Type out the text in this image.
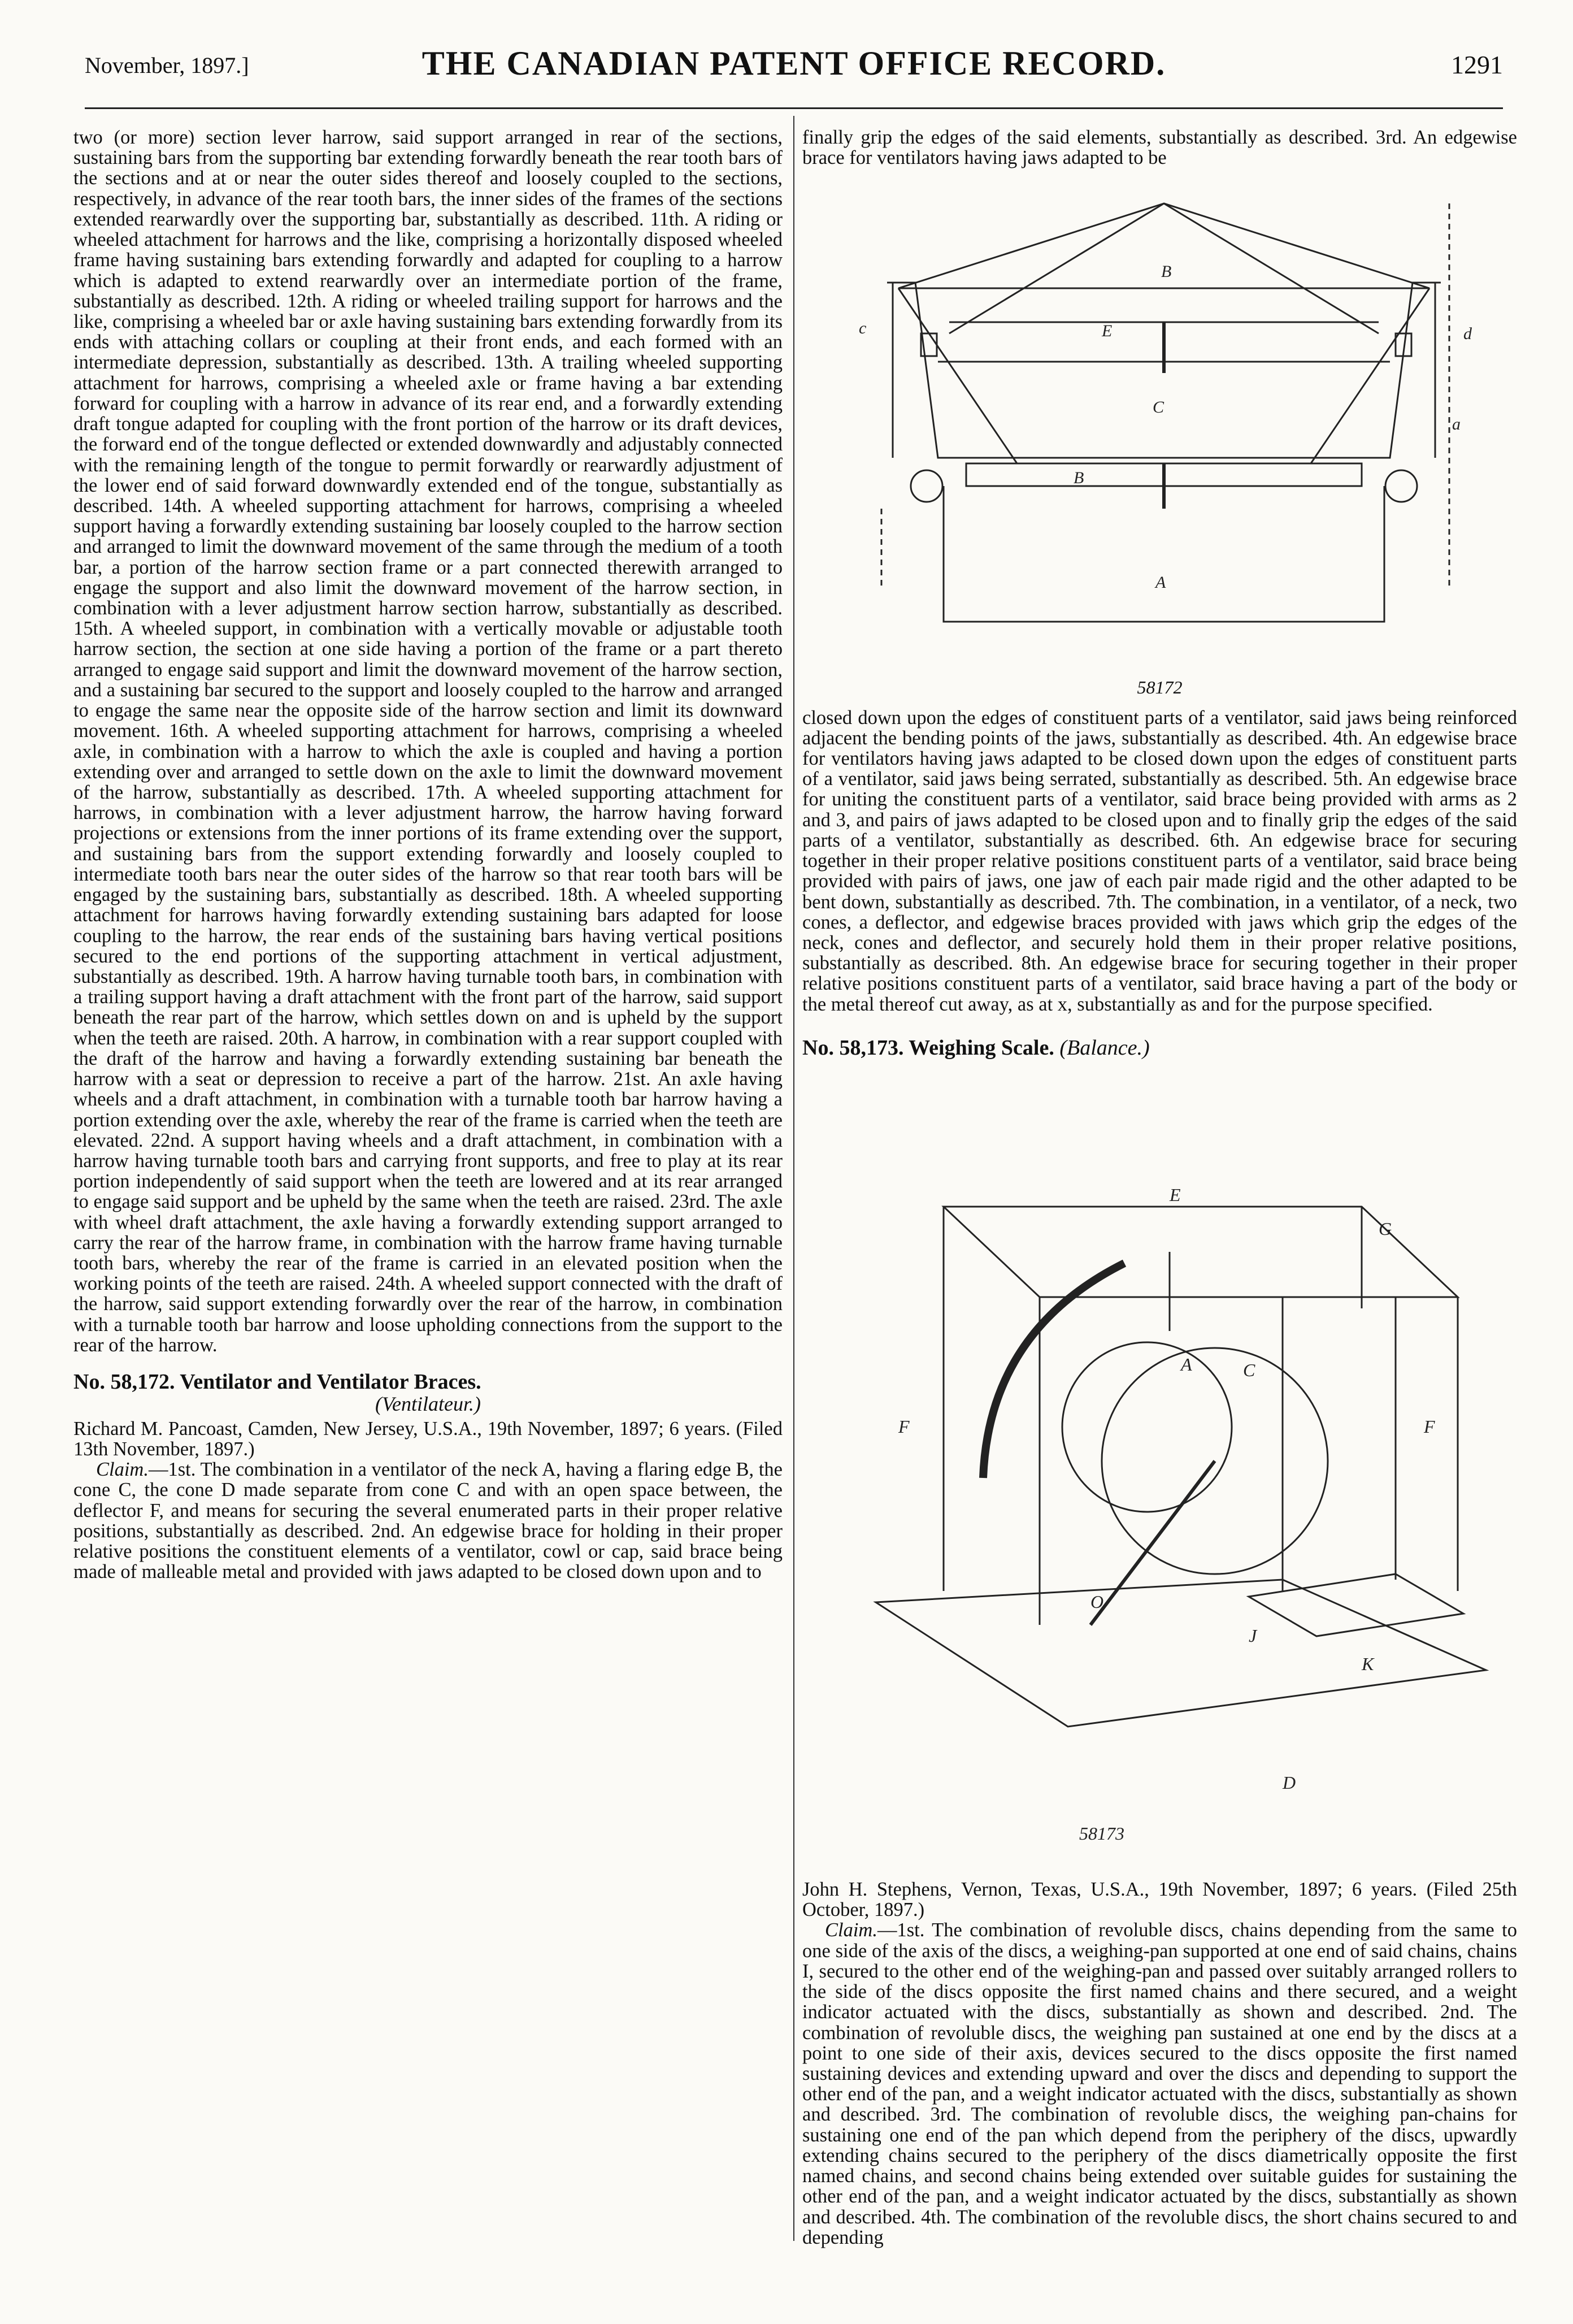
November, 1897.]	THE CANADIAN PATENT OFFICE RECORD.	1291

two (or more) section lever harrow, said support arranged in rear of the sections, sustaining bars from the supporting bar extending forwardly beneath the rear tooth bars of the sections and at or near the outer sides thereof and loosely coupled to the sections, respectively, in advance of the rear tooth bars, the inner sides of the frames of the sections extended rearwardly over the supporting bar, substantially as described. 11th. A riding or wheeled attachment for harrows and the like, comprising a horizontally disposed wheeled frame having sustaining bars extending forwardly and adapted for coupling to a harrow which is adapted to extend rearwardly over an intermediate portion of the frame, substantially as described. 12th. A riding or wheeled trailing support for harrows and the like, comprising a wheeled bar or axle having sustaining bars extending forwardly from its ends with attaching collars or coupling at their front ends, and each formed with an intermediate depression, substantially as described. 13th. A trailing wheeled supporting attachment for harrows, comprising a wheeled axle or frame having a bar extending forward for coupling with a harrow in advance of its rear end, and a forwardly extending draft tongue adapted for coupling with the front portion of the harrow or its draft devices, the forward end of the tongue deflected or extended downwardly and adjustably connected with the remaining length of the tongue to permit forwardly or rearwardly adjustment of the lower end of said forward downwardly extended end of the tongue, substantially as described. 14th. A wheeled supporting attachment for harrows, comprising a wheeled support having a forwardly extending sustaining bar loosely coupled to the harrow section and arranged to limit the downward movement of the same through the medium of a tooth bar, a portion of the harrow section frame or a part connected therewith arranged to engage the support and also limit the downward movement of the harrow section, in combination with a lever adjustment harrow section harrow, substantially as described. 15th. A wheeled support, in combination with a vertically movable or adjustable tooth harrow section, the section at one side having a portion of the frame or a part thereto arranged to engage said support and limit the downward movement of the harrow section, and a sustaining bar secured to the support and loosely coupled to the harrow and arranged to engage the same near the opposite side of the harrow section and limit its downward movement. 16th. A wheeled supporting attachment for harrows, comprising a wheeled axle, in combination with a harrow to which the axle is coupled and having a portion extending over and arranged to settle down on the axle to limit the downward movement of the harrow, substantially as described. 17th. A wheeled supporting attachment for harrows, in combination with a lever adjustment harrow, the harrow having forward projections or extensions from the inner portions of its frame extending over the support, and sustaining bars from the support extending forwardly and loosely coupled to intermediate tooth bars near the outer sides of the harrow so that rear tooth bars will be engaged by the sustaining bars, substantially as described. 18th. A wheeled supporting attachment for harrows having forwardly extending sustaining bars adapted for loose coupling to the harrow, the rear ends of the sustaining bars having vertical positions secured to the end portions of the supporting attachment in vertical adjustment, substantially as described. 19th. A harrow having turnable tooth bars, in combination with a trailing support having a draft attachment with the front part of the harrow, said support beneath the rear part of the harrow, which settles down on and is upheld by the support when the teeth are raised. 20th. A harrow, in combination with a rear support coupled with the draft of the harrow and having a forwardly extending sustaining bar beneath the harrow with a seat or depression to receive a part of the harrow. 21st. An axle having wheels and a draft attachment, in combination with a turnable tooth bar harrow having a portion extending over the axle, whereby the rear of the frame is carried when the teeth are elevated. 22nd. A support having wheels and a draft attachment, in combination with a harrow having turnable tooth bars and carrying front supports, and free to play at its rear portion independently of said support when the teeth are lowered and at its rear arranged to engage said support and be upheld by the same when the teeth are raised. 23rd. The axle with wheel draft attachment, the axle having a forwardly extending support arranged to carry the rear of the harrow frame, in combination with the harrow frame having turnable tooth bars, whereby the rear of the frame is carried in an elevated position when the working points of the teeth are raised. 24th. A wheeled support connected with the draft of the harrow, said support extending forwardly over the rear of the harrow, in combination with a turnable tooth bar harrow and loose upholding connections from the support to the rear of the harrow.

No. 58,172. Ventilator and Ventilator Braces.

(Ventilateur.)

Richard M. Pancoast, Camden, New Jersey, U.S.A., 19th November, 1897; 6 years. (Filed 13th November, 1897.)

Claim.—1st. The combination in a ventilator of the neck A, having a flaring edge B, the cone C, the cone D made separate from cone C and with an open space between, the deflector F, and means for securing the several enumerated parts in their proper relative positions, substantially as described. 2nd. An edgewise brace for holding in their proper relative positions the constituent elements of a ventilator, cowl or cap, said brace being made of malleable metal and provided with jaws adapted to be closed down upon and to

finally grip the edges of the said elements, substantially as described. 3rd. An edgewise brace for ventilators having jaws adapted to be

B
E
C
B
A
c	d
a

58172

closed down upon the edges of constituent parts of a ventilator, said jaws being reinforced adjacent the bending points of the jaws, substantially as described. 4th. An edgewise brace for ventilators having jaws adapted to be closed down upon the edges of constituent parts of a ventilator, said jaws being serrated, substantially as described. 5th. An edgewise brace for uniting the constituent parts of a ventilator, said brace being provided with arms as 2 and 3, and pairs of jaws adapted to be closed upon and to finally grip the edges of the said parts of a ventilator, substantially as described. 6th. An edgewise brace for securing together in their proper relative positions constituent parts of a ventilator, said brace being provided with pairs of jaws, one jaw of each pair made rigid and the other adapted to be bent down, substantially as described. 7th. The combination, in a ventilator, of a neck, two cones, a deflector, and edgewise braces provided with jaws which grip the edges of the neck, cones and deflector, and securely hold them in their proper relative positions, substantially as described. 8th. An edgewise brace for securing together in their proper relative positions constituent parts of a ventilator, said brace having a part of the body or the metal thereof cut away, as at x, substantially as and for the purpose specified.

No. 58,173. Weighing Scale. (Balance.)

E
G
F	F
C
A
O
J
K
D
58173

John H. Stephens, Vernon, Texas, U.S.A., 19th November, 1897; 6 years. (Filed 25th October, 1897.)

Claim.—1st. The combination of revoluble discs, chains depending from the same to one side of the axis of the discs, a weighing-pan supported at one end of said chains, chains I, secured to the other end of the weighing-pan and passed over suitably arranged rollers to the side of the discs opposite the first named chains and there secured, and a weight indicator actuated with the discs, substantially as shown and described. 2nd. The combination of revoluble discs, the weighing pan sustained at one end by the discs at a point to one side of their axis, devices secured to the discs opposite the first named sustaining devices and extending upward and over the discs and depending to support the other end of the pan, and a weight indicator actuated with the discs, substantially as shown and described. 3rd. The combination of revoluble discs, the weighing pan-chains for sustaining one end of the pan which depend from the periphery of the discs, upwardly extending chains secured to the periphery of the discs diametrically opposite the first named chains, and second chains being extended over suitable guides for sustaining the other end of the pan, and a weight indicator actuated by the discs, substantially as shown and described. 4th. The combination of the revoluble discs, the short chains secured to and depending
